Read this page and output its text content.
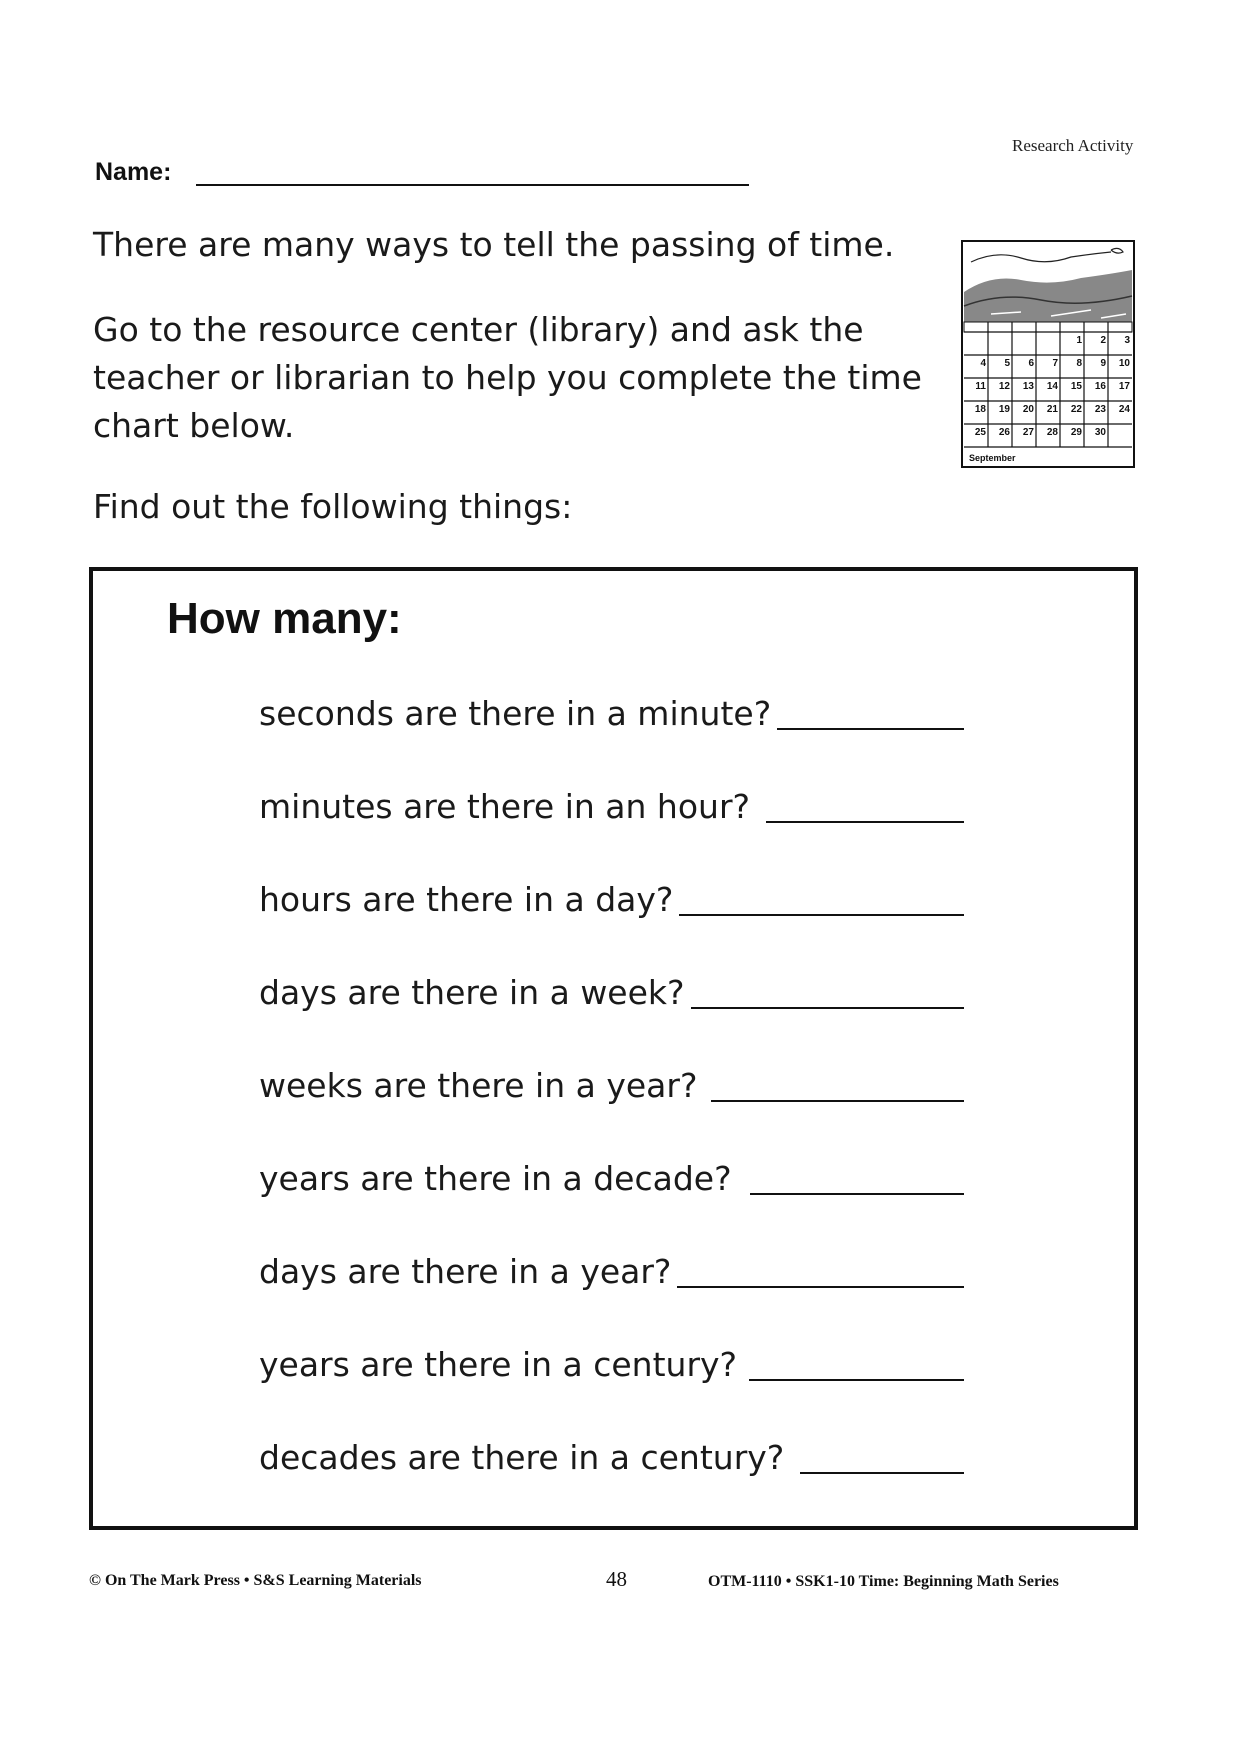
Research Activity
Name:
There are many ways to tell the passing of time.
Go to the resource center (library) and ask the teacher or librarian to help you complete the time chart below.
Find out the following things:
1 2 3
4 5 6 7 8 9 10
11 12 13 14 15 16 17
18 19 20 21 22 23 24
25 26 27 28 29 30
September
How many:
seconds are there in a minute?
minutes are there in an hour?
hours are there in a day?
days are there in a week?
weeks are there in a year?
years are there in a decade?
days are there in a year?
years are there in a century?
decades are there in a century?
© On The Mark Press • S&S Learning Materials	48	OTM-1110 • SSK1-10 Time: Beginning Math Series
